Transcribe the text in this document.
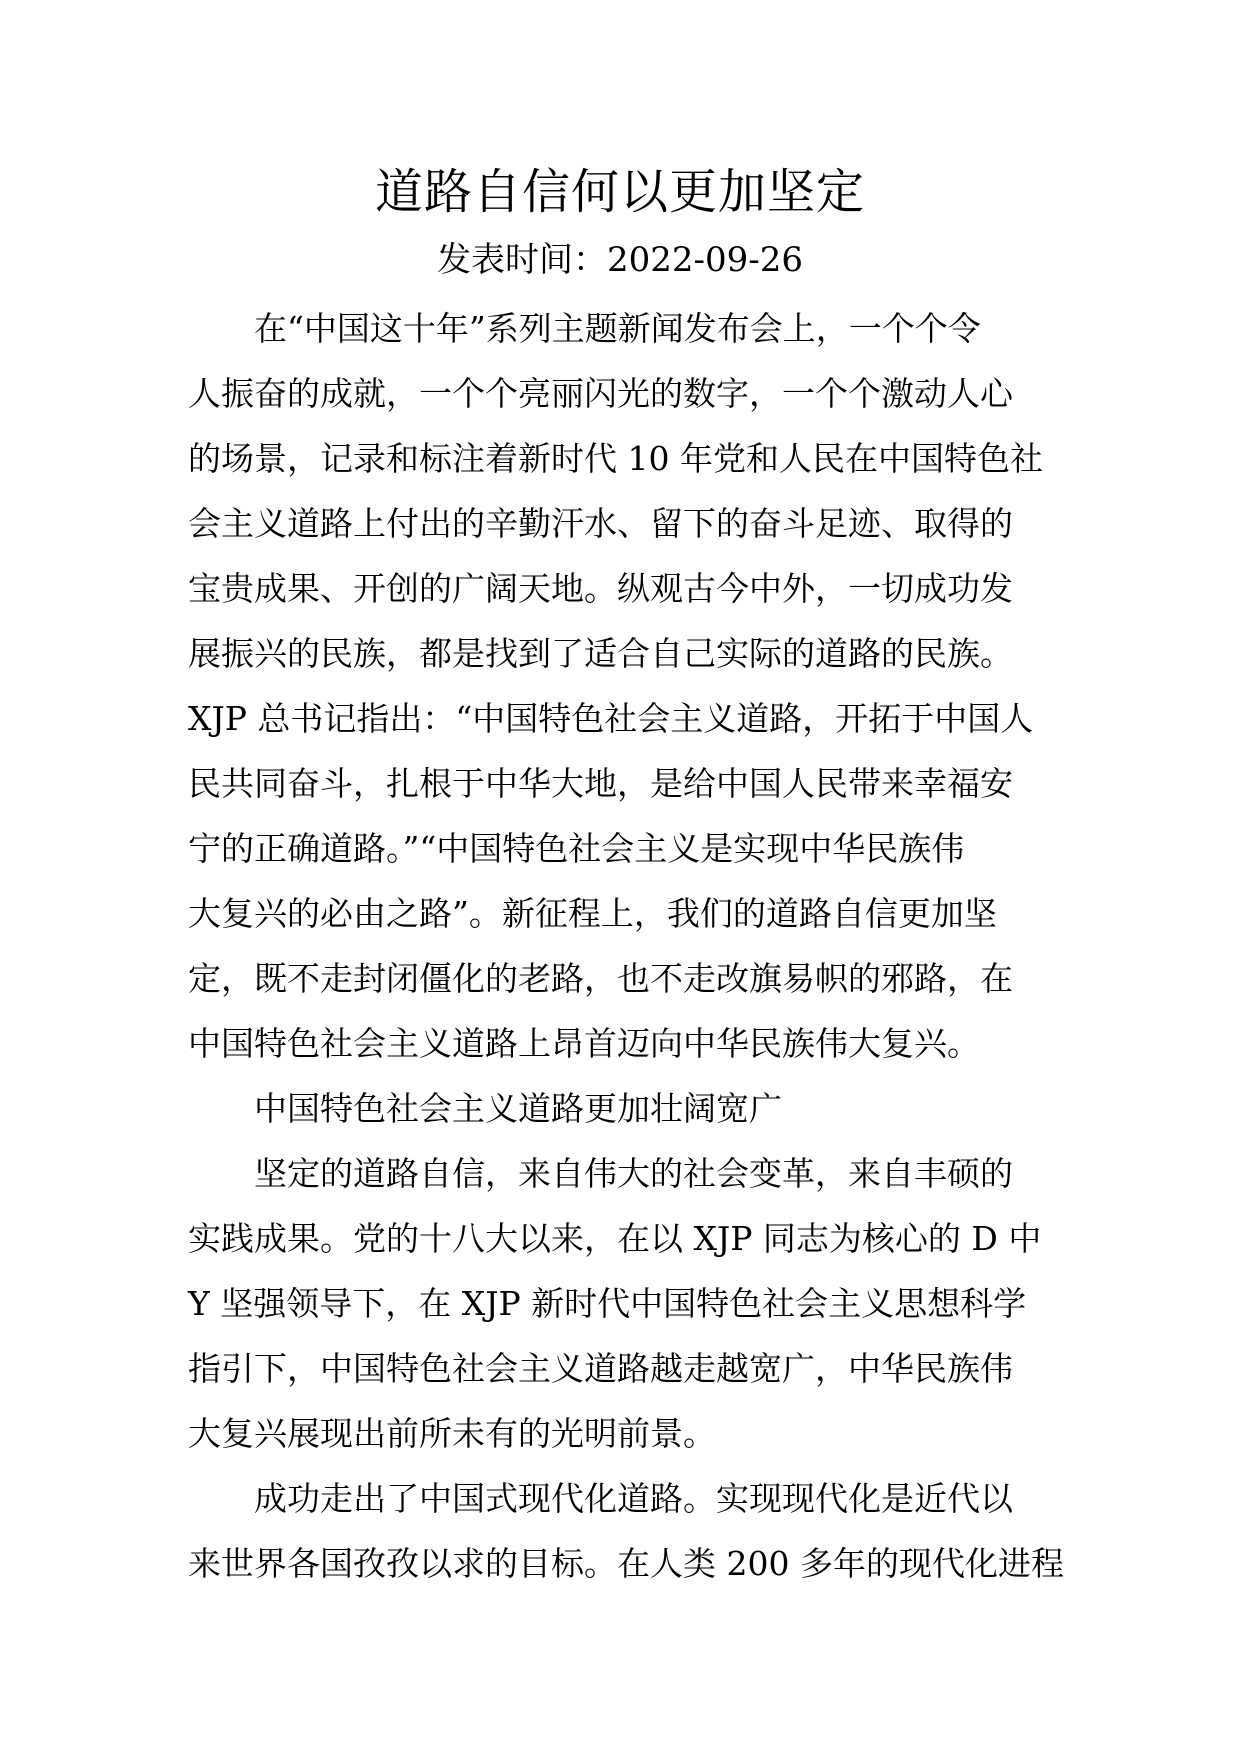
道路自信何以更加坚定
发表时间：2022-09-26
在“中国这十年”系列主题新闻发布会上，一个个令
人振奋的成就，一个个亮丽闪光的数字，一个个激动人心
的场景，记录和标注着新时代 10 年党和人民在中国特色社
会主义道路上付出的辛勤汗水、留下的奋斗足迹、取得的
宝贵成果、开创的广阔天地。纵观古今中外，一切成功发
展振兴的民族，都是找到了适合自己实际的道路的民族。
XJP 总书记指出：“中国特色社会主义道路，开拓于中国人
民共同奋斗，扎根于中华大地，是给中国人民带来幸福安
宁的正确道路。”“中国特色社会主义是实现中华民族伟
大复兴的必由之路”。新征程上，我们的道路自信更加坚
定，既不走封闭僵化的老路，也不走改旗易帜的邪路，在
中国特色社会主义道路上昂首迈向中华民族伟大复兴。
中国特色社会主义道路更加壮阔宽广
坚定的道路自信，来自伟大的社会变革，来自丰硕的
实践成果。党的十八大以来，在以 XJP 同志为核心的 D 中
Y 坚强领导下，在 XJP 新时代中国特色社会主义思想科学
指引下，中国特色社会主义道路越走越宽广，中华民族伟
大复兴展现出前所未有的光明前景。
成功走出了中国式现代化道路。实现现代化是近代以
来世界各国孜孜以求的目标。在人类 200 多年的现代化进程
